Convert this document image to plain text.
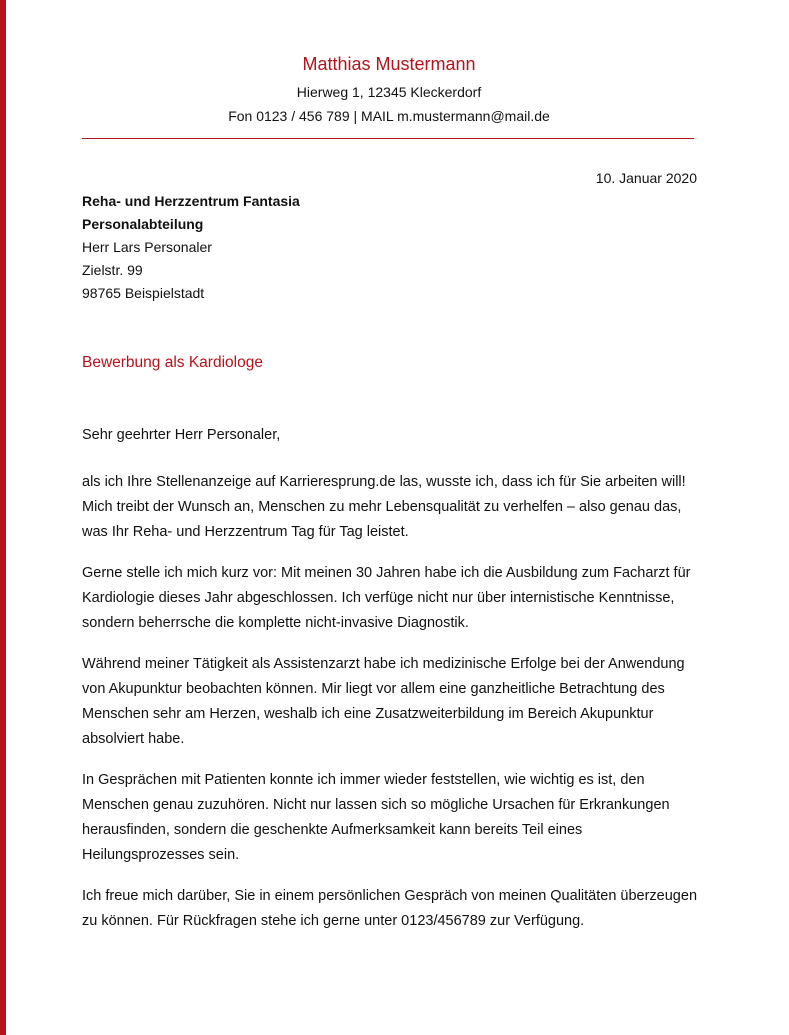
Matthias Mustermann
Hierweg 1, 12345 Kleckerdorf
Fon 0123 / 456 789 | MAIL m.mustermann@mail.de
10. Januar 2020
Reha- und Herzzentrum Fantasia
Personalabteilung
Herr Lars Personaler
Zielstr. 99
98765 Beispielstadt
Bewerbung als Kardiologe
Sehr geehrter Herr Personaler,

als ich Ihre Stellenanzeige auf Karrieresprung.de las, wusste ich, dass ich für Sie arbeiten will! Mich treibt der Wunsch an, Menschen zu mehr Lebensqualität zu verhelfen – also genau das, was Ihr Reha- und Herzzentrum Tag für Tag leistet.

Gerne stelle ich mich kurz vor: Mit meinen 30 Jahren habe ich die Ausbildung zum Facharzt für Kardiologie dieses Jahr abgeschlossen. Ich verfüge nicht nur über internistische Kenntnisse, sondern beherrsche die komplette nicht-invasive Diagnostik.

Während meiner Tätigkeit als Assistenzarzt habe ich medizinische Erfolge bei der Anwendung von Akupunktur beobachten können. Mir liegt vor allem eine ganzheitliche Betrachtung des Menschen sehr am Herzen, weshalb ich eine Zusatzweiterbildung im Bereich Akupunktur absolviert habe.

In Gesprächen mit Patienten konnte ich immer wieder feststellen, wie wichtig es ist, den Menschen genau zuzuhören. Nicht nur lassen sich so mögliche Ursachen für Erkrankungen herausfinden, sondern die geschenkte Aufmerksamkeit kann bereits Teil eines Heilungsprozesses sein.

Ich freue mich darüber, Sie in einem persönlichen Gespräch von meinen Qualitäten überzeugen zu können. Für Rückfragen stehe ich gerne unter 0123/456789 zur Verfügung.
